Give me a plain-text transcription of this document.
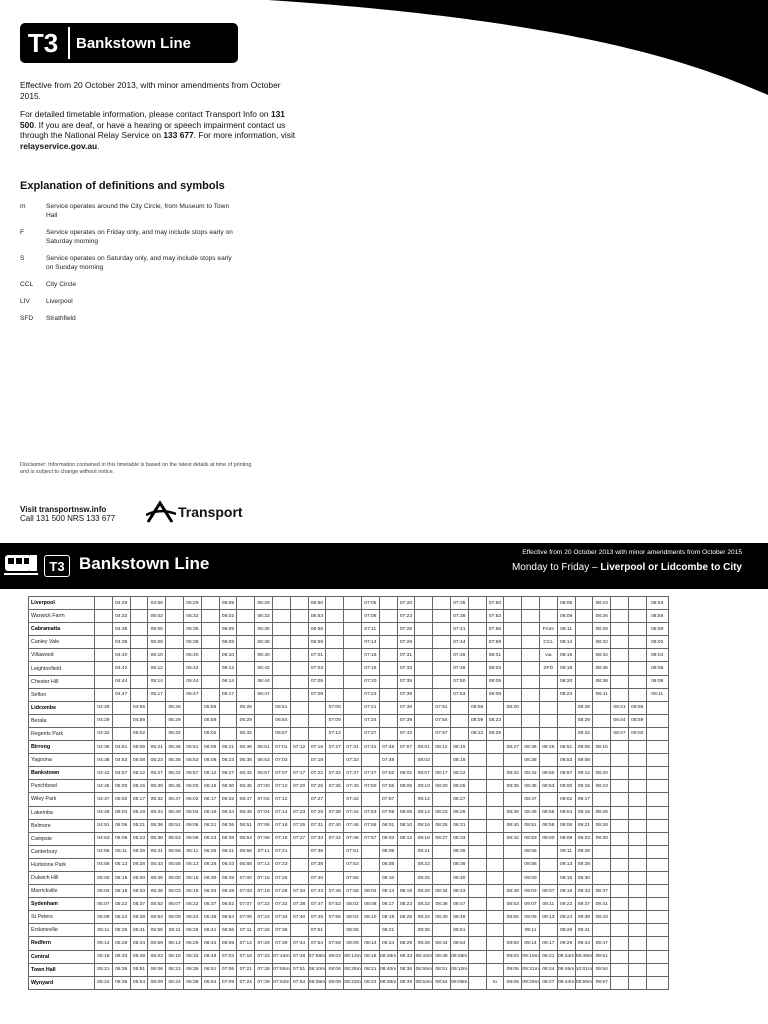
T3	Bankstown Line

Effective from 20 October 2013, with minor amendments from October 2015.

For detailed timetable information, please contact Transport Info on 131 500. If you are deaf, or have a hearing or speech impairment contact us through the National Relay Service on 133 677. For more information, visit relayservice.gov.au.

Explanation of definitions and symbols
m	Service operates around the City Circle, from Museum to Town Hall
F	Service operates on Friday only, and may include stops early on Saturday morning
S	Service operates on Saturday only, and may include stops early on Sunday morning
CCL	City Circle
LIV	Liverpool
SFD	Strathfield
Disclaimer: Information contained in this timetable is based on the latest details at time of printing and is subject to change without notice.
Visit transportnsw.info
Call 131 500 NRS 133 677	Transport
T3 Bankstown Line
Effective from 20 October 2013 with minor amendments from October 2015
Monday to Friday – Liverpool or Lidcombe to City
Liverpool		04:29		04:59		05:29		05:59		06:29			06:50			07:05		07:20			07:35		07:50				08:05		08:23			08:53
Warwick Farm		04:32		05:02		05:32		06:02		06:32			06:53			07:08		07:23			07:38		07:53				08:08		08:26			08:56
Cabramatta		04:35		05:05		05:35		06:05		06:35			06:56			07:11		07:26			07:41		07:56			From	08:11		08:29			08:59
Canley Vale		04:38		05:08		05:38		06:08		06:38			06:59			07:14		07:29			07:44		07:59			CCL	08:14		08:32			09:02
Villawood		04:40		05:10		05:40		06:10		06:40			07:01			07:16		07:31			07:46		08:01			via	08:16		08:34			09:04
Leightonfield		04:42		05:12		05:42		06:12		06:42			07:03			07:18		07:33			07:48		08:03			SFD	08:18		08:36			09:06
Chester Hill		04:44		05:14		05:44		06:14		06:44			07:05			07:20		07:35			07:50		08:05				08:20		08:38			09:08
Sefton		04:47		05:17		05:47		06:17		06:47			07:08			07:23		07:38			07:53		08:08				08:23		08:41			09:11
Lidcombe	04:26		04:56		05:26		05:56		06:26		06:51			07:06		07:21		07:36		07:51		08:06		08:20				08:26		08:41	08:56	
Berala	04:29		04:59		05:29		05:59		06:29		06:54			07:09		07:24		07:39		07:54		08:09	08:23					08:29		08:44	08:59	
Regents Park	04:32		05:02		05:32		06:02		06:32		06:57			07:12		07:27		07:42		07:57		08:12	08:26					08:32		08:47	09:02	
Birrong	04:36	04:51	05:06	05:21	05:36	05:51	06:06	06:21	06:36	06:51	07:01	07:12	07:16	07:27	07:31	07:42	07:46	07:57	08:01	08:12	08:16			08:27	08:36	08:45	08:51	09:06	09:15			
Yagoona	04:38	04:53	05:08	05:23	05:38	05:53	06:08	06:23	06:38	06:53	07:03		07:18		07:33		07:48		08:03		08:18				08:38		08:53	09:08				
Bankstown	04:42	04:57	05:12	05:27	05:42	05:57	06:12	06:27	06:42	06:57	07:07	07:17	07:22	07:32	07:37	07:47	07:52	08:02	08:07	08:17	08:22			08:32	08:42	08:50	08:57	09:12	09:20			
Punchbowl	04:45	05:00	05:15	05:30	05:45	06:00	06:15	06:30	06:45	07:00	07:10	07:20	07:25	07:35	07:40	07:50	07:55	08:05	08:10	08:20	08:25			08:35	08:45	08:53	09:00	09:15	09:23			
Wiley Park	04:47	05:02	05:17	05:32	05:47	06:02	06:17	06:32	06:47	07:02	07:12		07:27		07:42		07:57		08:12		08:27				08:47		09:02	09:17				
Lakemba	04:49	05:04	05:19	05:34	05:49	06:04	06:19	06:34	06:49	07:04	07:14	07:23	07:29	07:38	07:44	07:53	07:59	08:08	08:14	08:23	08:29			08:38	08:49	08:56	09:04	09:19	09:26			
Belmore	04:51	05:06	05:21	05:36	05:51	06:06	06:21	06:36	06:51	07:06	07:16	07:25	07:31	07:40	07:46	07:55	08:01	08:10	08:16	08:25	08:31			08:40	08:51	08:58	09:06	09:21	09:28			
Campsie	04:53	05:08	05:23	05:38	05:53	06:08	06:23	06:38	06:53	07:08	07:18	07:27	07:33	07:42	07:48	07:57	08:03	08:12	08:18	08:27	08:33			08:42	08:53	09:00	09:08	09:23	09:30			
Canterbury	04:56	05:11	05:26	05:41	05:56	06:11	06:26	06:41	06:56	07:11	07:21		07:36		07:51		08:06		08:21		08:36				08:56		09:11	09:26				
Hurlstone Park	04:58	05:13	05:28	05:43	05:58	06:13	06:28	06:43	06:58	07:13	07:23		07:38		07:53		08:08		08:23		08:38				08:58		09:13	09:28				
Dulwich Hill	05:00	05:15	05:30	05:45	06:00	06:15	06:30	06:45	07:00	07:15	07:25		07:40		07:55		08:10		08:25		08:40				09:00		09:15	09:30				
Marrickville	05:03	05:18	05:33	05:48	06:03	06:18	06:33	06:48	07:03	07:18	07:28	07:34	07:43	07:49	07:58	08:04	08:13	08:19	08:28	08:34	08:43			08:49	09:03	09:07	09:18	09:33	09:37			
Sydenham	05:07	05:22	05:37	05:52	06:07	06:22	06:37	06:52	07:07	07:22	07:32	07:38	07:47	07:53	08:02	08:08	08:17	08:23	08:32	08:38	08:47			08:53	09:07	09:11	09:22	09:37	09:41			
St Peters	05:09	05:24	05:39	05:54	06:09	06:24	06:39	06:54	07:09	07:24	07:34	07:40	07:49	07:55	08:04	08:10	08:19	08:25	08:34	08:40	08:49			08:55	09:09	09:13	09:24	09:39	09:43			
Erskineville	05:11	05:26	05:41	05:56	06:11	06:26	06:41	06:56	07:11	07:26	07:36		07:51		08:06		08:21		08:36		08:51				09:11		09:26	09:41				
Redfern	05:14	05:29	05:44	05:59	06:14	06:29	06:44	06:59	07:14	07:29	07:39	07:44	07:54	07:59	08:09	08:14	08:24	08:29	08:39	08:44	08:54			08:59	09:14	09:17	09:29	09:44	09:47			
Central	05:18	05:33	05:48	06:03	06:18	06:33	06:48	07:03	07:18	07:33	07:43m	07:48	07:58m	08:03	08:13m	08:18	08:28m	08:33	08:43m	08:48	08:58m			09:03	09:19m	09:21	09:34m	09:49m	09:51			
Town Hall	05:21	05:36	05:51	06:06	06:21	06:36	06:51	07:06	07:21	07:36	07:55m	07:51	08:10m	08:06	08:25m	08:21	08:40m	08:36	08:55m	08:51	09:10m			09:06	09:31m	09:24	09:46m	10:01m	09:54			
Wynyard	05:24	05:39	05:54	06:09	06:24	06:39	06:54	07:09	07:24	07:39	07:53m	07:54	08:08m	08:09	08:23m	08:24	08:38m	08:39	08:53m	08:54	09:08m		to	09:09	09:29m	09:27	09:44m	09:59m	09:57			
